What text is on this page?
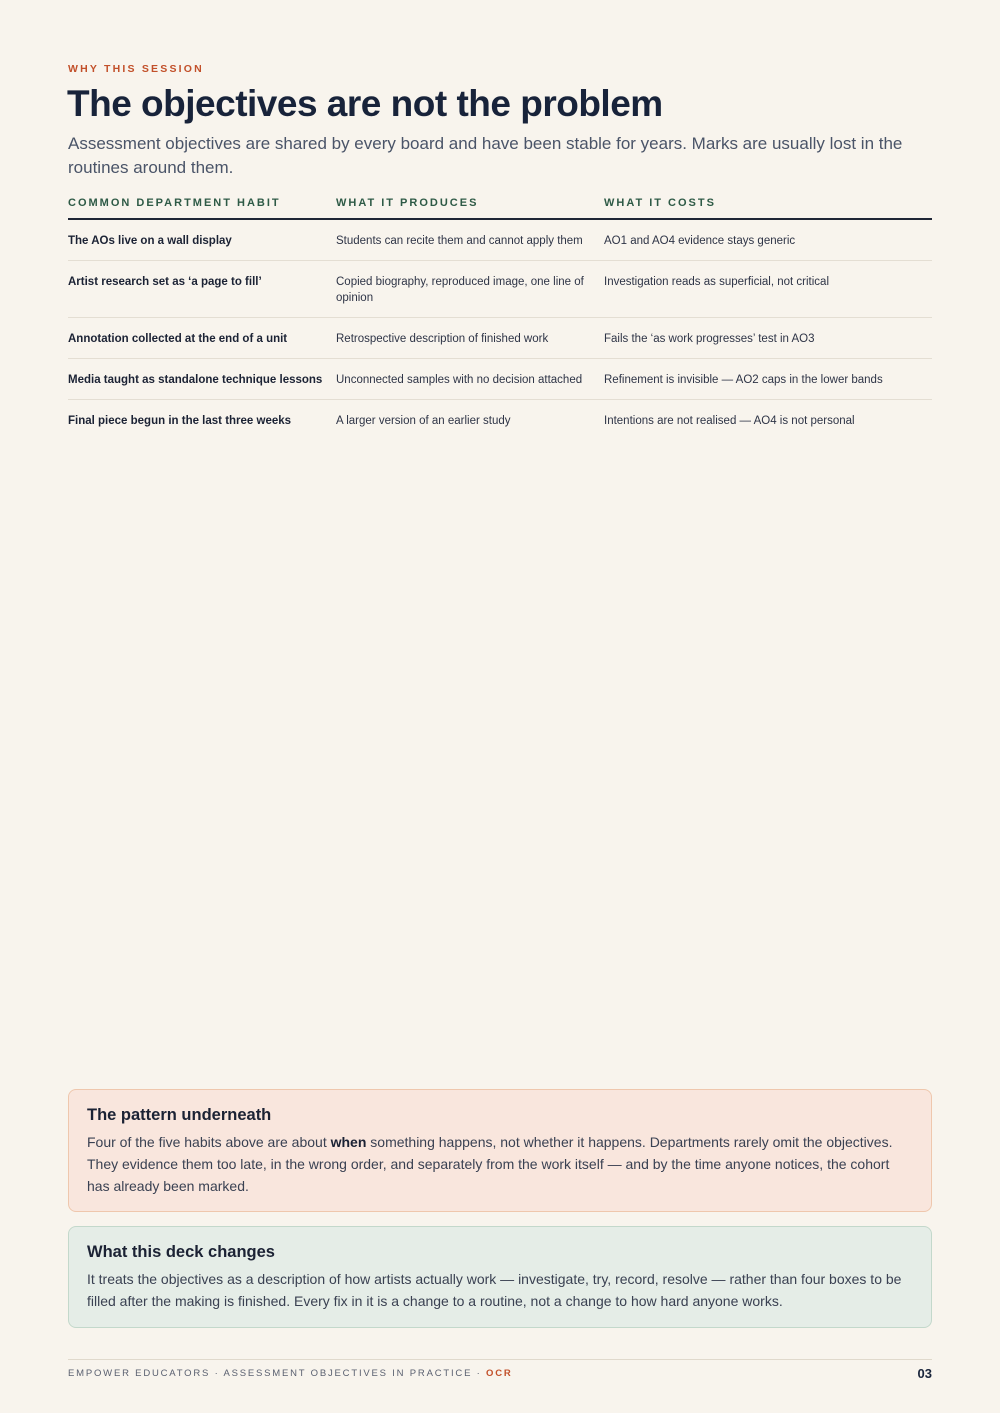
WHY THIS SESSION
The objectives are not the problem

Assessment objectives are shared by every board and have been stable for years. Marks are usually lost in the routines around them.

COMMON DEPARTMENT HABIT	WHAT IT PRODUCES	WHAT IT COSTS
The AOs live on a wall display	Students can recite them and cannot apply them	AO1 and AO4 evidence stays generic
Artist research set as ‘a page to fill’	Copied biography, reproduced image, one line of opinion	Investigation reads as superficial, not critical
Annotation collected at the end of a unit	Retrospective description of finished work	Fails the ‘as work progresses’ test in AO3
Media taught as standalone technique lessons	Unconnected samples with no decision attached	Refinement is invisible — AO2 caps in the lower bands
Final piece begun in the last three weeks	A larger version of an earlier study	Intentions are not realised — AO4 is not personal
The pattern underneath

Four of the five habits above are about when something happens, not whether it happens. Departments rarely omit the objectives. They evidence them too late, in the wrong order, and separately from the work itself — and by the time anyone notices, the cohort has already been marked.

What this deck changes

It treats the objectives as a description of how artists actually work — investigate, try, record, resolve — rather than four boxes to be filled after the making is finished. Every fix in it is a change to a routine, not a change to how hard anyone works.

EMPOWER EDUCATORS · ASSESSMENT OBJECTIVES IN PRACTICE · OCR	03
